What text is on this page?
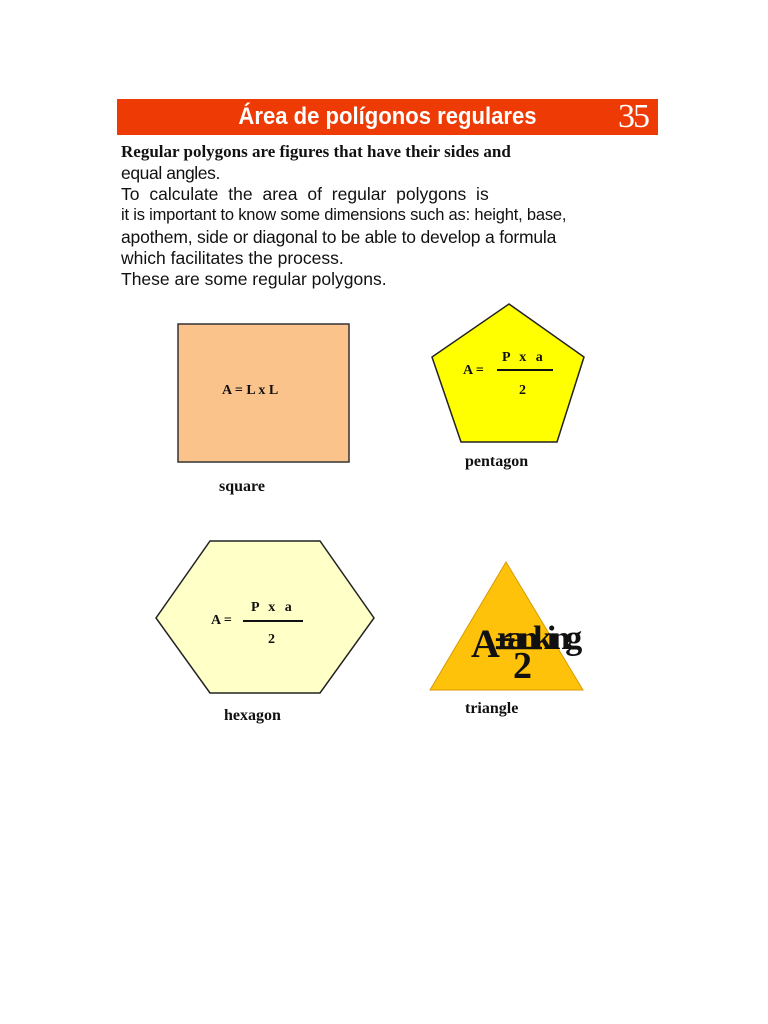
Área de polígonos regulares	35
Regular polygons are figures that have their sides and
equal angles.
To calculate the area of regular polygons is
it is important to know some dimensions such as: height, base,
apothem, side or diagonal to be able to develop a formula
which facilitates the process.
These are some regular polygons.
A = L x L
square
A =
P x a
2
pentagon
A =
P x a
2
hexagon
A=
ranking
2
triangle
